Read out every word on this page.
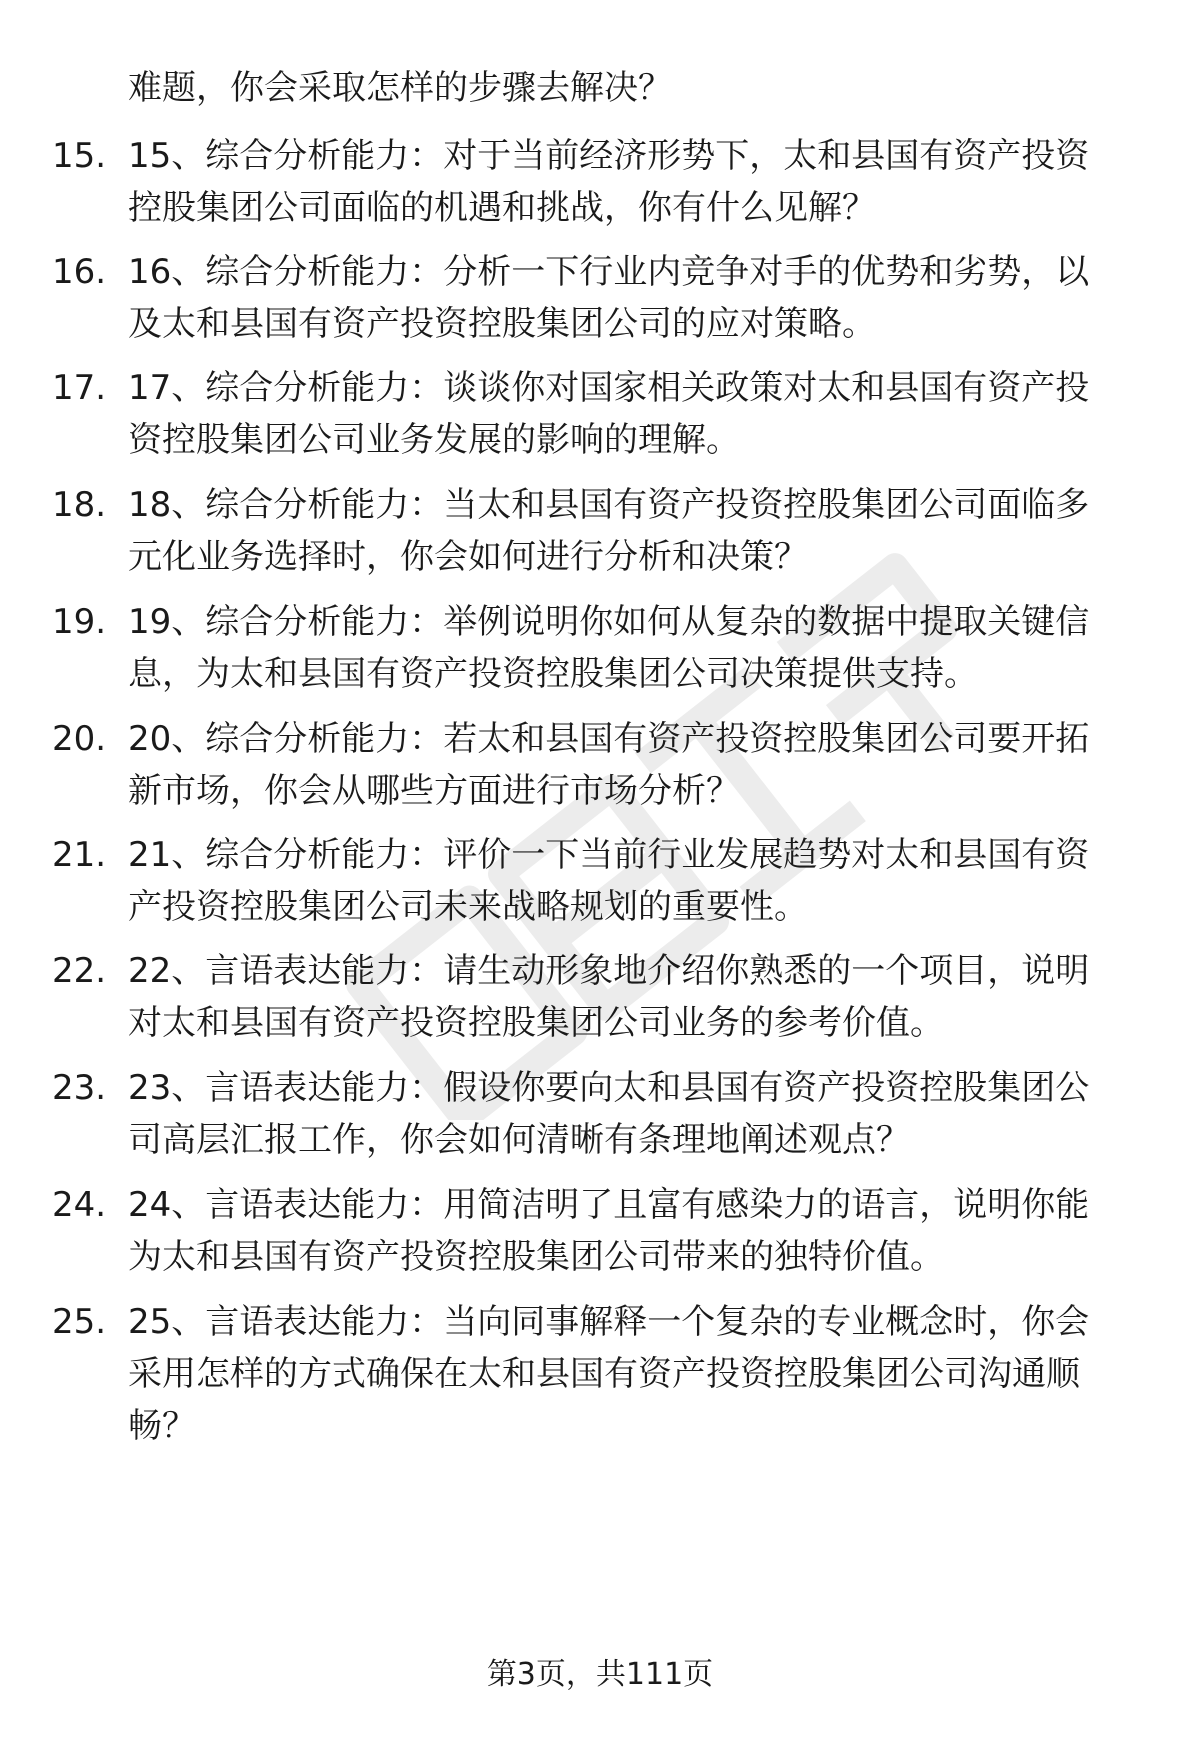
难题，你会采取怎样的步骤去解决？
15. 15、综合分析能力：对于当前经济形势下，太和县国有资产投资
控股集团公司面临的机遇和挑战，你有什么见解？
16. 16、综合分析能力：分析一下行业内竞争对手的优势和劣势，以
及太和县国有资产投资控股集团公司的应对策略。
17. 17、综合分析能力：谈谈你对国家相关政策对太和县国有资产投
资控股集团公司业务发展的影响的理解。
18. 18、综合分析能力：当太和县国有资产投资控股集团公司面临多
元化业务选择时，你会如何进行分析和决策？
19. 19、综合分析能力：举例说明你如何从复杂的数据中提取关键信
息，为太和县国有资产投资控股集团公司决策提供支持。
20. 20、综合分析能力：若太和县国有资产投资控股集团公司要开拓
新市场，你会从哪些方面进行市场分析？
21. 21、综合分析能力：评价一下当前行业发展趋势对太和县国有资
产投资控股集团公司未来战略规划的重要性。
22. 22、言语表达能力：请生动形象地介绍你熟悉的一个项目，说明
对太和县国有资产投资控股集团公司业务的参考价值。
23. 23、言语表达能力：假设你要向太和县国有资产投资控股集团公
司高层汇报工作，你会如何清晰有条理地阐述观点？
24. 24、言语表达能力：用简洁明了且富有感染力的语言，说明你能
为太和县国有资产投资控股集团公司带来的独特价值。
25. 25、言语表达能力：当向同事解释一个复杂的专业概念时，你会
采用怎样的方式确保在太和县国有资产投资控股集团公司沟通顺
畅？
第3页，共111页
